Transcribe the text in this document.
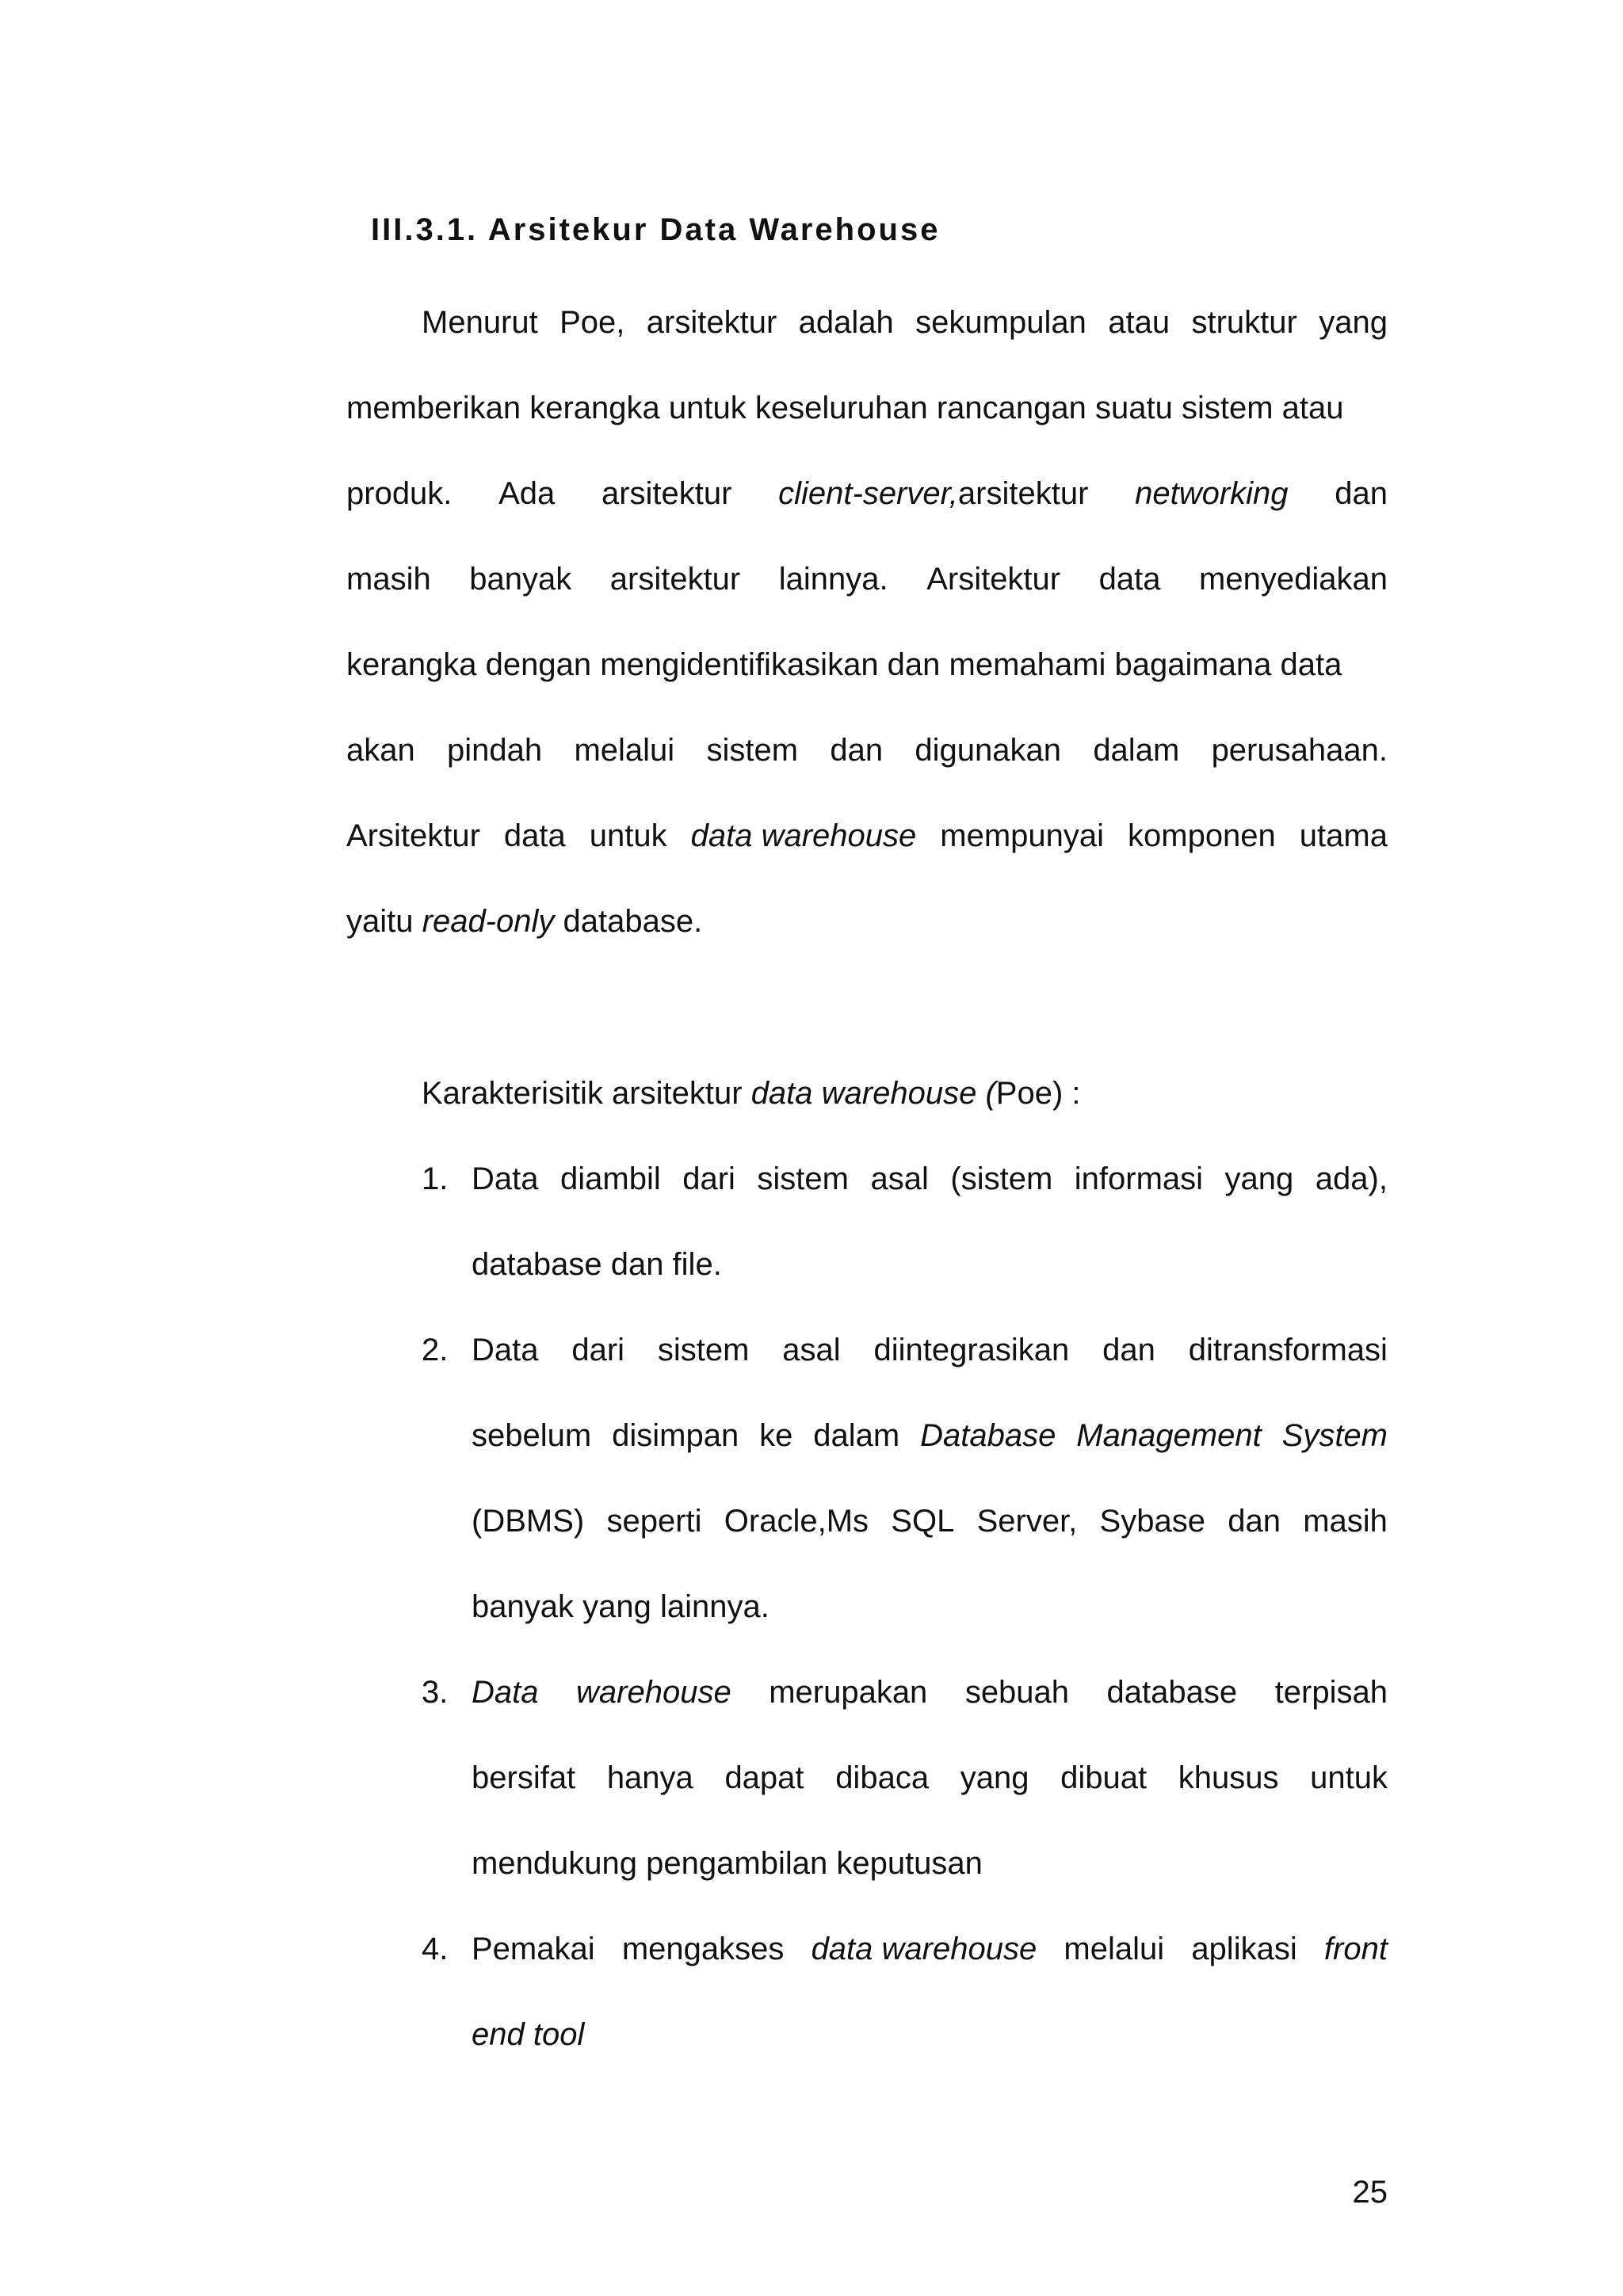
III.3.1. Arsitekur Data Warehouse
Menurut Poe, arsitektur adalah sekumpulan atau struktur yang
memberikan kerangka untuk keseluruhan rancangan suatu sistem atau
produk. Ada arsitektur client-server,arsitektur networking dan
masih banyak arsitektur lainnya. Arsitektur data menyediakan
kerangka dengan mengidentifikasikan dan memahami bagaimana data
akan pindah melalui sistem dan digunakan dalam perusahaan.
Arsitektur data untuk data warehouse mempunyai komponen utama
yaitu
read-only
database.
Karakterisitik arsitektur
data warehouse
( Poe) :
1. Data diambil dari sistem asal (sistem informasi yang ada),
database dan file.
2. Data dari sistem asal diintegrasikan dan ditransformasi
sebelum disimpan ke dalam Database Management System
(DBMS) seperti Oracle,Ms SQL Server, Sybase dan masih
banyak yang lainnya.
3. Data warehouse merupakan sebuah database terpisah
bersifat hanya dapat dibaca yang dibuat khusus untuk
mendukung pengambilan keputusan
4. Pemakai mengakses data warehouse melalui aplikasi front
end tool
25
